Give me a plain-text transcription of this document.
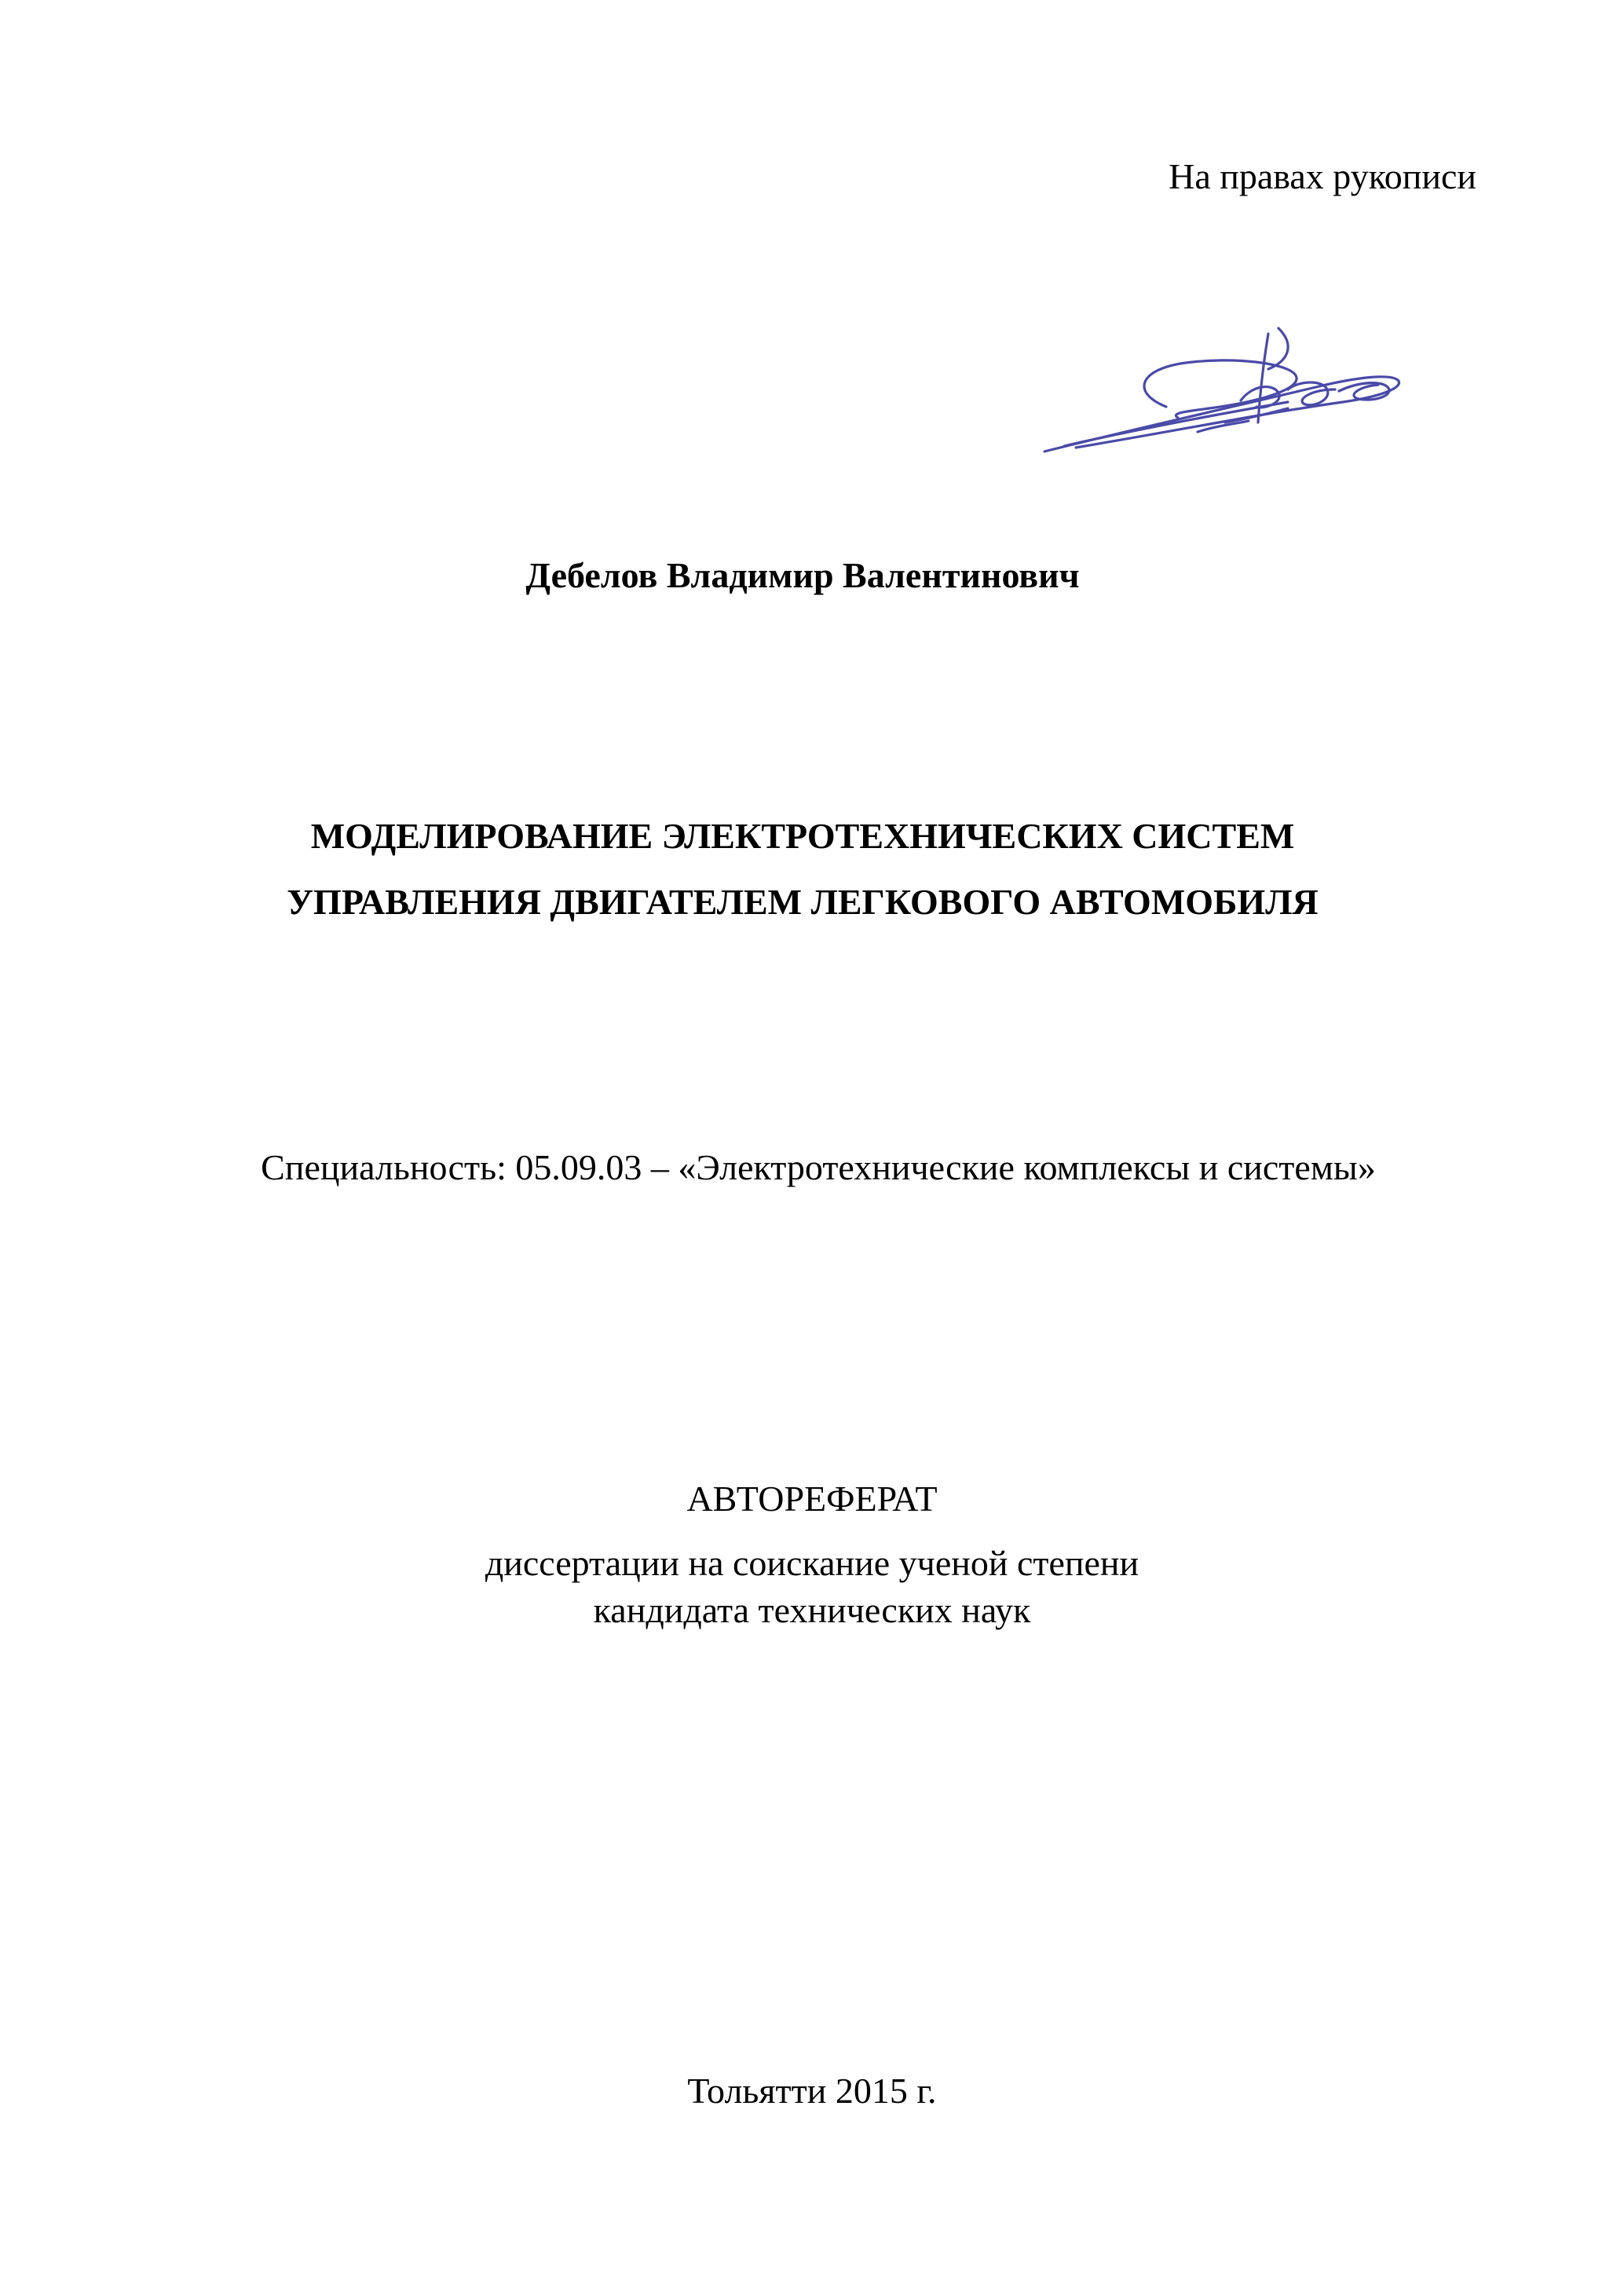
На правах рукописи
Дебелов Владимир Валентинович
МОДЕЛИРОВАНИЕ ЭЛЕКТРОТЕХНИЧЕСКИХ СИСТЕМ
УПРАВЛЕНИЯ ДВИГАТЕЛЕМ ЛЕГКОВОГО АВТОМОБИЛЯ
Специальность: 05.09.03 – «Электротехнические комплексы и системы»
АВТОРЕФЕРАТ
диссертации на соискание ученой степени
кандидата технических наук
Тольятти 2015 г.
